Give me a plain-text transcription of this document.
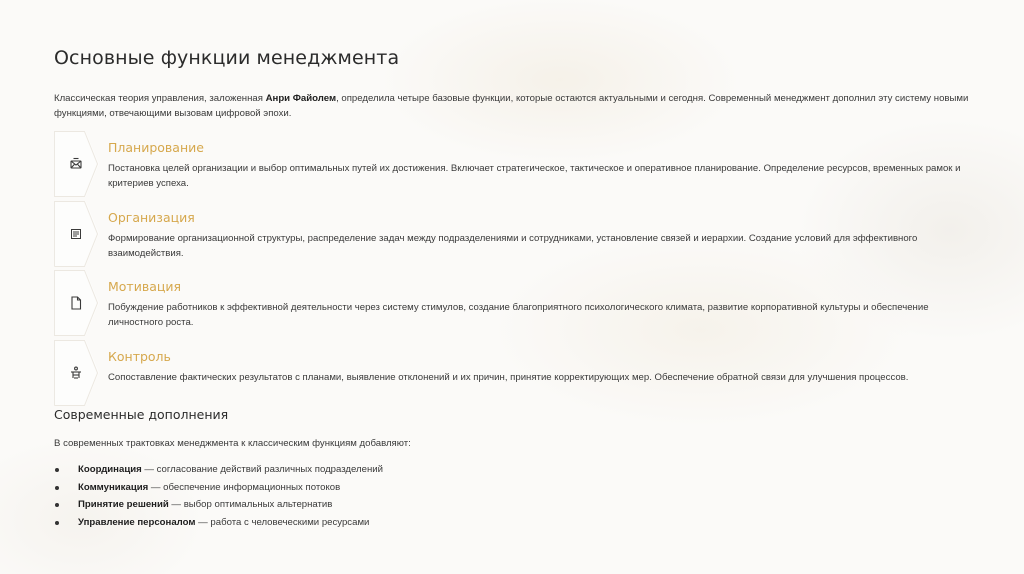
Основные функции менеджмента

Классическая теория управления, заложенная Анри Файолем, определила четыре базовые функции, которые остаются актуальными и сегодня. Современный менеджмент дополнил эту систему новыми функциями, отвечающими вызовам цифровой эпохи.

Планирование

Постановка целей организации и выбор оптимальных путей их достижения. Включает стратегическое, тактическое и оперативное планирование. Определение ресурсов, временных рамок и критериев успеха.

Организация

Формирование организационной структуры, распределение задач между подразделениями и сотрудниками, установление связей и иерархии. Создание условий для эффективного взаимодействия.

Мотивация

Побуждение работников к эффективной деятельности через систему стимулов, создание благоприятного психологического климата, развитие корпоративной культуры и обеспечение личностного роста.

Контроль

Сопоставление фактических результатов с планами, выявление отклонений и их причин, принятие корректирующих мер. Обеспечение обратной связи для улучшения процессов.

Современные дополнения

В современных трактовках менеджмента к классическим функциям добавляют:

Координация — согласование действий различных подразделений
Коммуникация — обеспечение информационных потоков
Принятие решений — выбор оптимальных альтернатив
Управление персоналом — работа с человеческими ресурсами
